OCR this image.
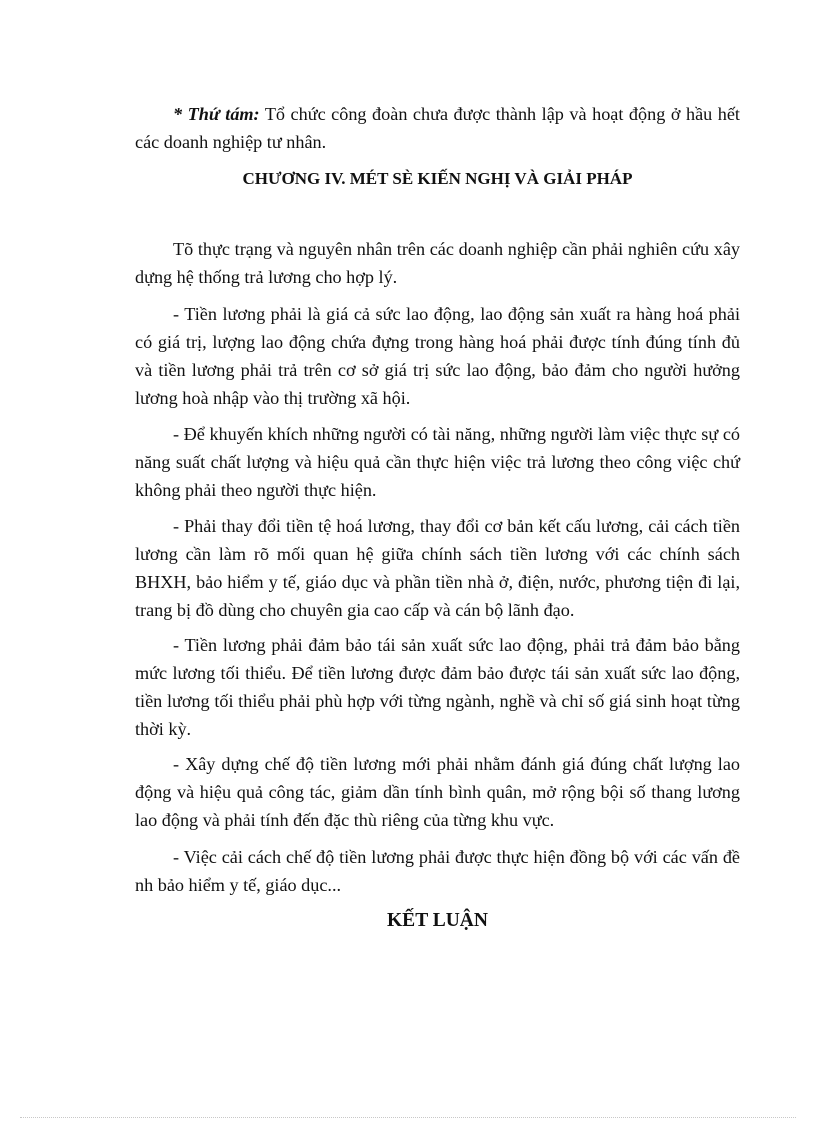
* Thứ tám: Tổ chức công đoàn chưa được thành lập và hoạt động ở hầu hết các doanh nghiệp tư nhân.

CHƯƠNG IV. MÉT SÈ KIẾN NGHỊ VÀ GIẢI PHÁP

Tõ thực trạng và nguyên nhân trên các doanh nghiệp cần phải nghiên cứu xây dựng hệ thống trả lương cho hợp lý.

- Tiền lương phải là giá cả sức lao động, lao động sản xuất ra hàng hoá phải có giá trị, lượng lao động chứa đựng trong hàng hoá phải được tính đúng tính đủ và tiền lương phải trả trên cơ sở giá trị sức lao động, bảo đảm cho người hưởng lương hoà nhập vào thị trường xã hội.

- Để khuyến khích những người có tài năng, những người làm việc thực sự có năng suất chất lượng và hiệu quả cần thực hiện việc trả lương theo công việc chứ không phải theo người thực hiện.

- Phải thay đổi tiền tệ hoá lương, thay đổi cơ bản kết cấu lương, cải cách tiền lương cần làm rõ mối quan hệ giữa chính sách tiền lương với các chính sách BHXH, bảo hiểm y tế, giáo dục và phần tiền nhà ở, điện, nước, phương tiện đi lại, trang bị đồ dùng cho chuyên gia cao cấp và cán bộ lãnh đạo.

- Tiền lương phải đảm bảo tái sản xuất sức lao động, phải trả đảm bảo bằng mức lương tối thiểu. Để tiền lương được đảm bảo được tái sản xuất sức lao động, tiền lương tối thiểu phải phù hợp với từng ngành, nghề và chỉ số giá sinh hoạt từng thời kỳ.

- Xây dựng chế độ tiền lương mới phải nhằm đánh giá đúng chất lượng lao động và hiệu quả công tác, giảm dần tính bình quân, mở rộng bội số thang lương lao động và phải tính đến đặc thù riêng của từng khu vực.

- Việc cải cách chế độ tiền lương phải được thực hiện đồng bộ với các vấn đề nh bảo hiểm y tế, giáo dục...

KẾT LUẬN
